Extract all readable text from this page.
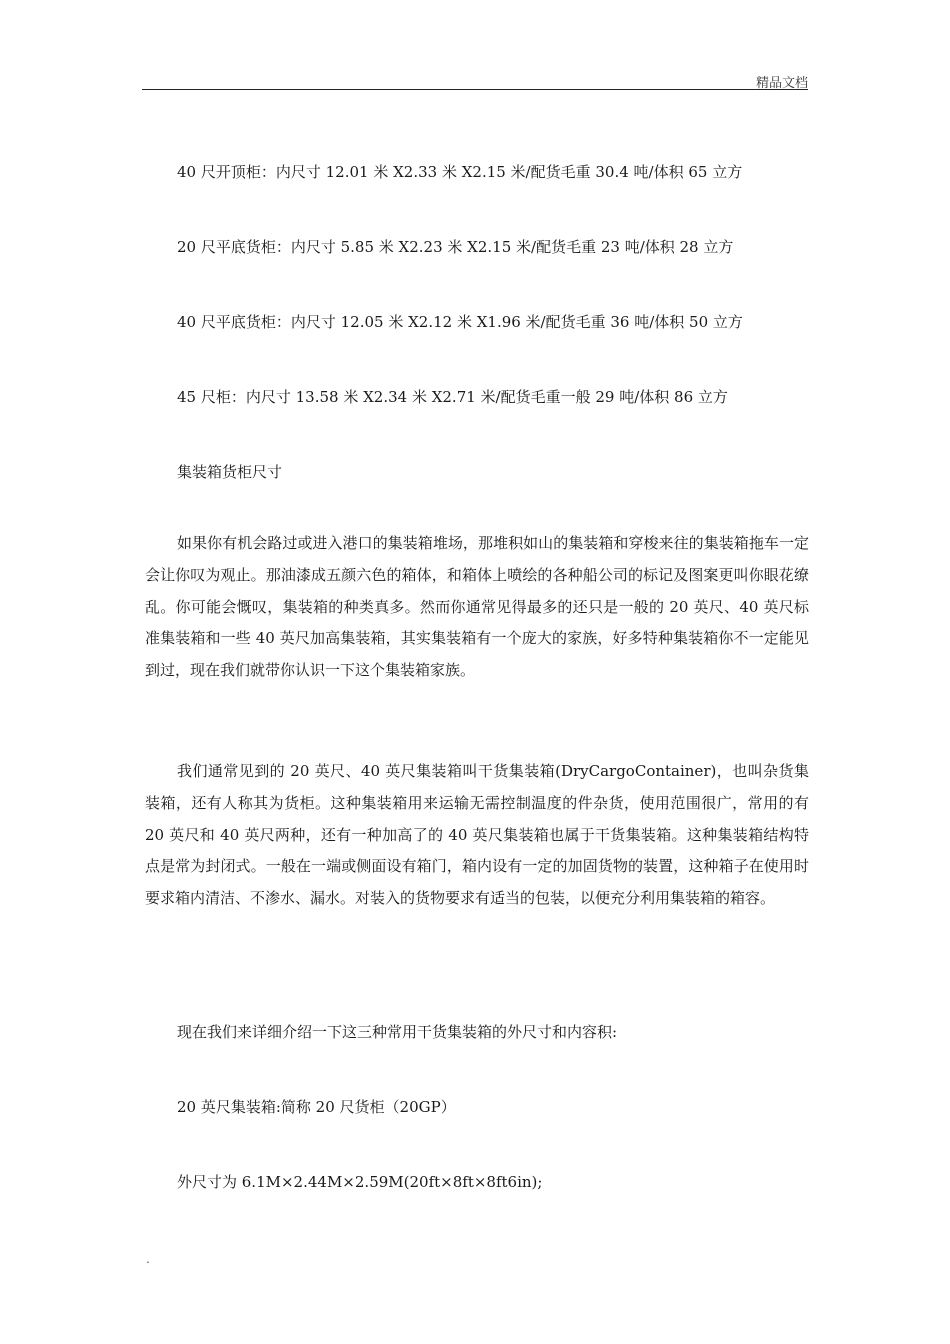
精品文档
40 尺开顶柜：内尺寸 12.01 米 X2.33 米 X2.15 米/配货毛重 30.4 吨/体积 65 立方
20 尺平底货柜：内尺寸 5.85 米 X2.23 米 X2.15 米/配货毛重 23 吨/体积 28 立方
40 尺平底货柜：内尺寸 12.05 米 X2.12 米 X1.96 米/配货毛重 36 吨/体积 50 立方
45 尺柜：内尺寸 13.58 米 X2.34 米 X2.71 米/配货毛重一般 29 吨/体积 86 立方
集装箱货柜尺寸
如果你有机会路过或进入港口的集装箱堆场，那堆积如山的集装箱和穿梭来往的集装箱拖车一定会让你叹为观止。那油漆成五颜六色的箱体，和箱体上喷绘的各种船公司的标记及图案更叫你眼花缭乱。你可能会慨叹，集装箱的种类真多。然而你通常见得最多的还只是一般的 20 英尺、40 英尺标准集装箱和一些 40 英尺加高集装箱，其实集装箱有一个庞大的家族，好多特种集装箱你不一定能见到过，现在我们就带你认识一下这个集装箱家族。
我们通常见到的 20 英尺、40 英尺集装箱叫干货集装箱(DryCargoContainer)，也叫杂货集装箱，还有人称其为货柜。这种集装箱用来运输无需控制温度的件杂货，使用范围很广，常用的有 20 英尺和 40 英尺两种，还有一种加高了的 40 英尺集装箱也属于干货集装箱。这种集装箱结构特点是常为封闭式。一般在一端或侧面设有箱门，箱内设有一定的加固货物的装置，这种箱子在使用时要求箱内清洁、不渗水、漏水。对装入的货物要求有适当的包装，以便充分利用集装箱的箱容。
现在我们来详细介绍一下这三种常用干货集装箱的外尺寸和内容积:
20 英尺集装箱:简称 20 尺货柜（20GP）
外尺寸为 6.1M×2.44M×2.59M(20ft×8ft×8ft6in);
.
